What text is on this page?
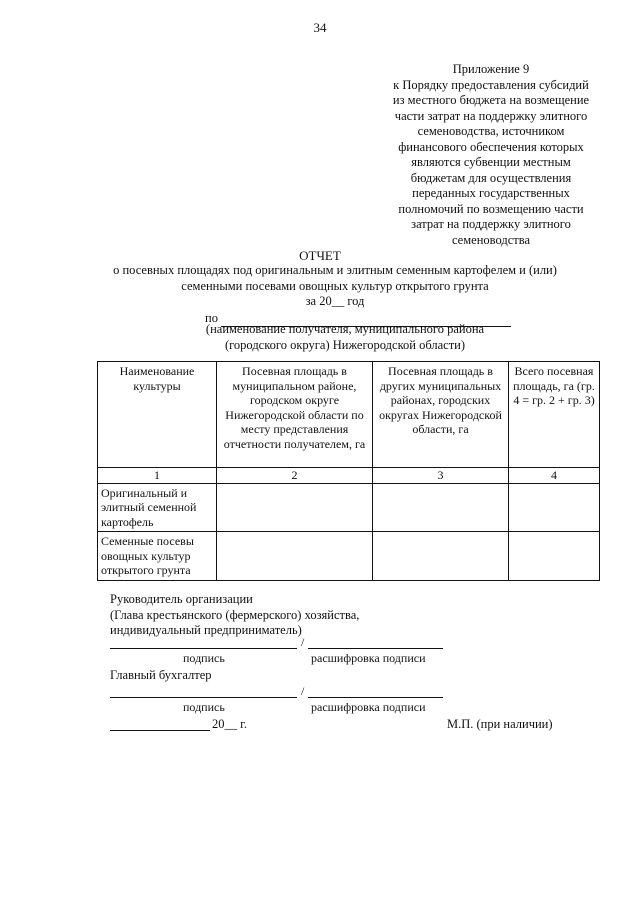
34
Приложение 9
к Порядку предоставления субсидий
из местного бюджета на возмещение
части затрат на поддержку элитного
семеноводства, источником
финансового обеспечения которых
являются субвенции местным
бюджетам для осуществления
переданных государственных
полномочий по возмещению части
затрат на поддержку элитного
семеноводства
ОТЧЕТ
о посевных площадях под оригинальным и элитным семенным картофелем и (или)
семенными посевами овощных культур открытого грунта
за 20__ год
по
(наименование получателя, муниципального района
(городского округа) Нижегородской области)
Наименование культуры	Посевная площадь в муниципальном районе, городском округе Нижегородской области по месту представления отчетности получателем, га	Посевная площадь в других муниципальных районах, городских округах Нижегородской области, га	Всего посевная площадь, га (гр. 4 = гр. 2 + гр. 3)
1	2	3	4
Оригинальный и элитный семенной картофель			
Семенные посевы овощных культур открытого грунта			
Руководитель организации
(Глава крестьянского (фермерского) хозяйства,
индивидуальный предприниматель)
/
подпись	расшифровка подписи
Главный бухгалтер
/
подпись	расшифровка подписи
20__ г.	М.П. (при наличии)
